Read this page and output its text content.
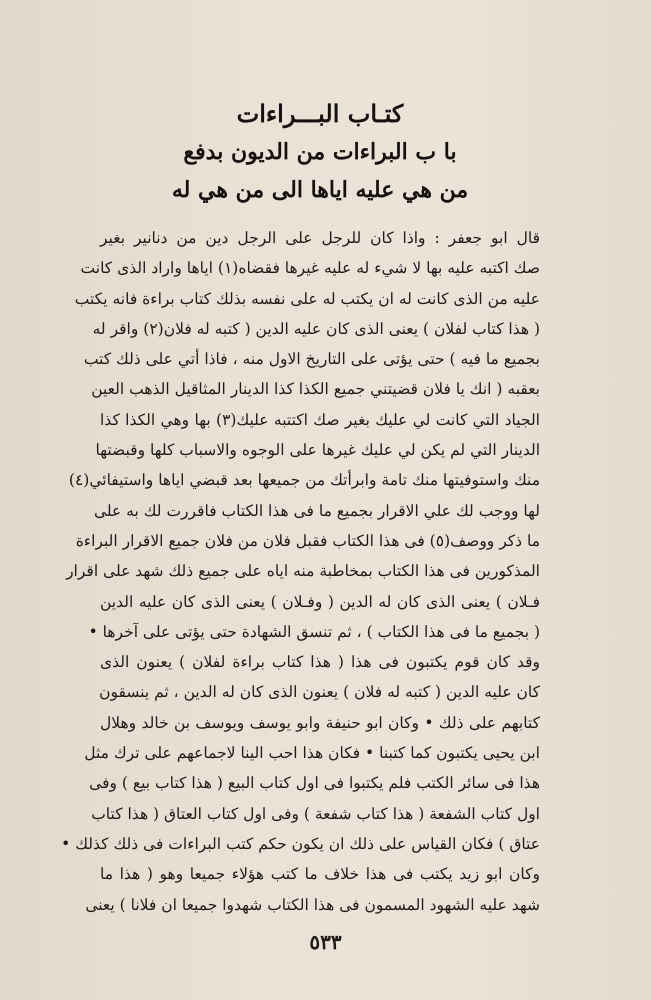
كتـاب البـــراءات
با ب البراءات من الديون بدفع
من هي عليه اياها الى من هي له
قال ابو جعفر : واذا كان للرجل على الرجل دين من دنانير بغير
صك اكتبه عليه بها لا شيء له عليه غيرها فقضاه(١) اياها واراد الذى كانت
عليه من الذى كانت له ان يكتب له على نفسه بذلك كتاب براءة فانه يكتب
( هذا كتاب لفلان ) يعنى الذى كان عليه الدين ( كتبه له فلان(٢) واقر له
بجميع ما فيه ) حتى يؤتى على التاريخ الاول منه ، فاذا أتي على ذلك كتب
بعقبه ( انك يا فلان قضيتني جميع الكذا كذا الدينار المثاقيل الذهب العين
الجياد التي كانت لي عليك بغير صك اكتتبه عليك(٣) بها وهي الكذا كذا
الدينار التي لم يكن لي عليك غيرها على الوجوه والاسباب كلها وقبضتها
منك واستوفيتها منك تامة وابرأتك من جميعها بعد قبضي اياها واستيفائي(٤)
لها ووجب لك علي الاقرار بجميع ما فى هذا الكتاب فاقررت لك به على
ما ذكر ووصف(٥) فى هذا الكتاب فقبل فلان من فلان جميع الاقرار البراءة
المذكورين فى هذا الكتاب بمخاطبة منه اياه على جميع ذلك شهد على اقرار
فـلان ) يعنى الذى كان له الدين ( وفـلان ) يعنى الذى كان عليه الدين
( بجميع ما فى هذا الكتاب ) ، ثم تنسق الشهادة حتى يؤتى على آخرها •
وقد كان قوم يكتبون فى هذا ( هذا كتاب براءة لفلان ) يعنون الذى
كان عليه الدين ( كتبه له فلان ) يعنون الذى كان له الدين ، ثم ينسقون
كتابهم على ذلك • وكان ابو حنيفة وابو يوسف ويوسف بن خالد وهلال
ابن يحيى يكتبون كما كتبنا • فكان هذا احب الينا لاجماعهم على ترك مثل
هذا فى سائر الكتب فلم يكتبوا فى اول كتاب البيع ( هذا كتاب بيع ) وفى
اول كتاب الشفعة ( هذا كتاب شفعة ) وفى اول كتاب العتاق ( هذا كتاب
عتاق ) فكان القياس على ذلك ان يكون حكم كتب البراءات فى ذلك كذلك •
وكان ابو زيد يكتب فى هذا خلاف ما كتب هؤلاء جميعا وهو ( هذا ما
شهد عليه الشهود المسمون فى هذا الكتاب شهدوا جميعا ان فلانا ) يعنى
٥٣٣
